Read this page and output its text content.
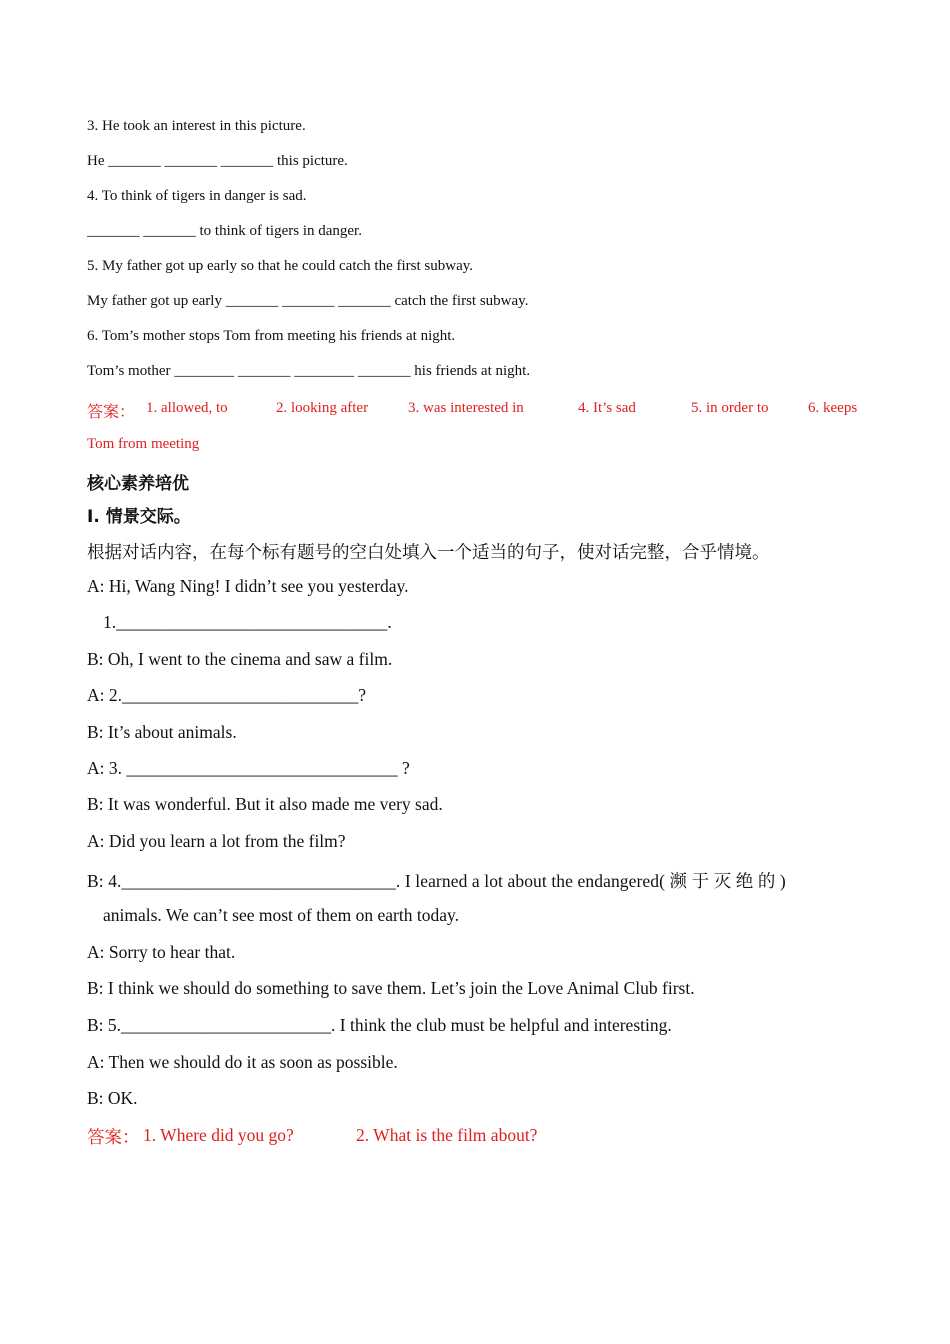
3. He took an interest in this picture.
He _______ _______ _______ this picture.
4. To think of tigers in danger is sad.
_______ _______ to think of tigers in danger.
5. My father got up early so that he could catch the first subway.
My father got up early _______ _______ _______ catch the first subway.
6. Tom’s mother stops Tom from meeting his friends at night.
Tom’s mother ________ _______ ________ _______ his friends at night.
答案： 1. allowed, to	2. looking after	3. was interested in	4. It’s sad	5. in order to	6. keeps
Tom from meeting
核心素养培优
I. 情景交际。
根据对话内容，在每个标有题号的空白处填入一个适当的句子，使对话完整，合乎情境。
A: Hi, Wang Ning! I didn’t see you yesterday.
1._______________________________.
B: Oh, I went to the cinema and saw a film.
A: 2.___________________________?
B: It’s about animals.
A: 3. _______________________________ ?
B: It was wonderful. But it also made me very sad.
A: Did you learn a lot from the film?
B: 4._______________________________. I learned a lot about the endangered( 濒 于 灭 绝 的 )
animals. We can’t see most of them on earth today.
A: Sorry to hear that.
B: I think we should do something to save them. Let’s join the Love Animal Club first.
B: 5.________________________. I think the club must be helpful and interesting.
A: Then we should do it as soon as possible.
B: OK.
答案： 1. Where did you go?	2. What is the film about?
